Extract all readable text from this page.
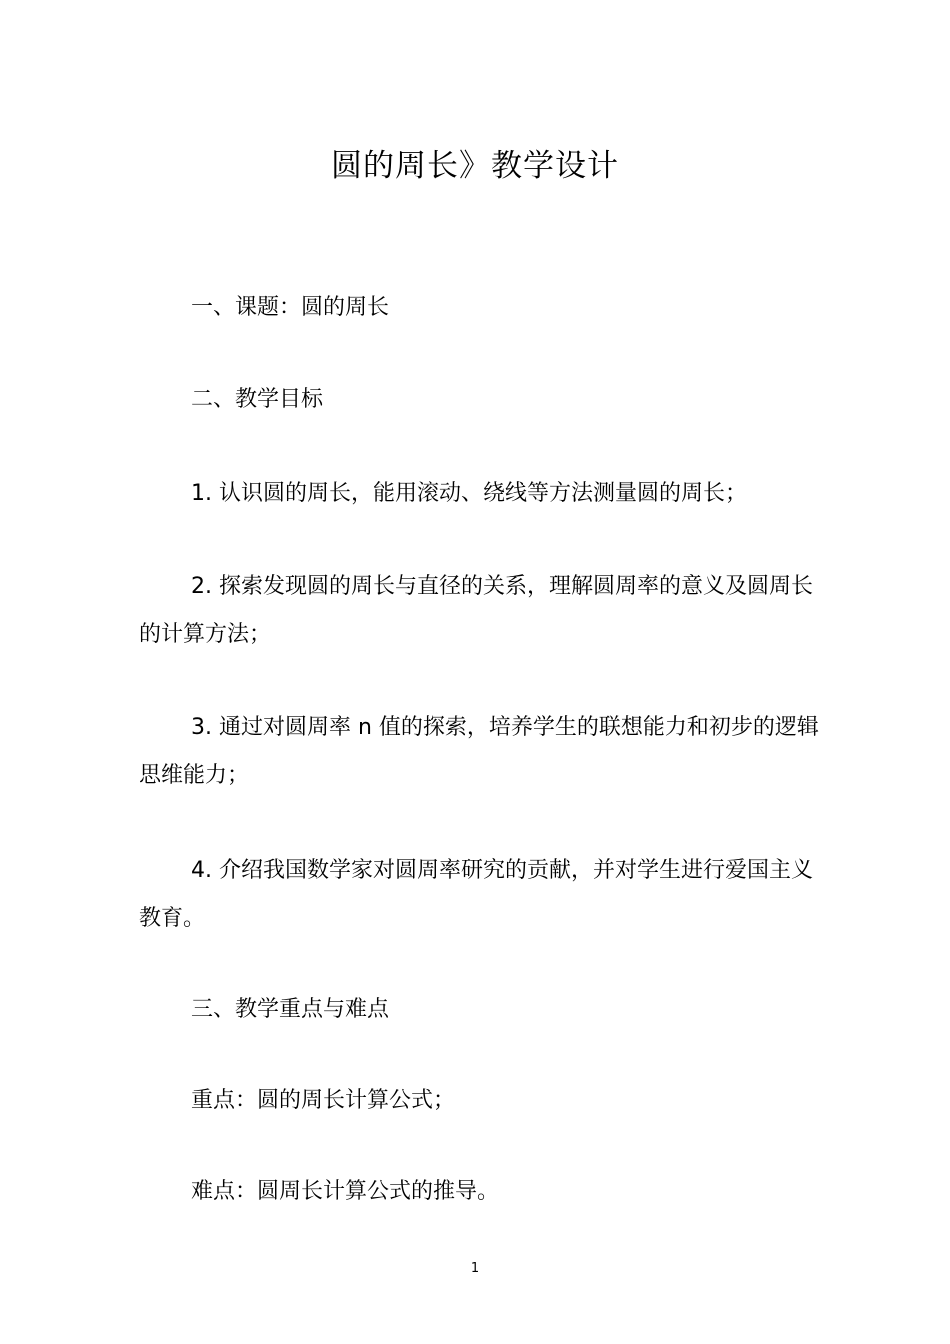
圆的周长》教学设计
一、课题：圆的周长
二、教学目标
1. 认识圆的周长，能用滚动、绕线等方法测量圆的周长；
2. 探索发现圆的周长与直径的关系，理解圆周率的意义及圆周长的计算方法；
3. 通过对圆周率 n 值的探索，培养学生的联想能力和初步的逻辑思维能力；
4. 介绍我国数学家对圆周率研究的贡献，并对学生进行爱国主义教育。
三、教学重点与难点
重点：圆的周长计算公式；
难点：圆周长计算公式的推导。
1
